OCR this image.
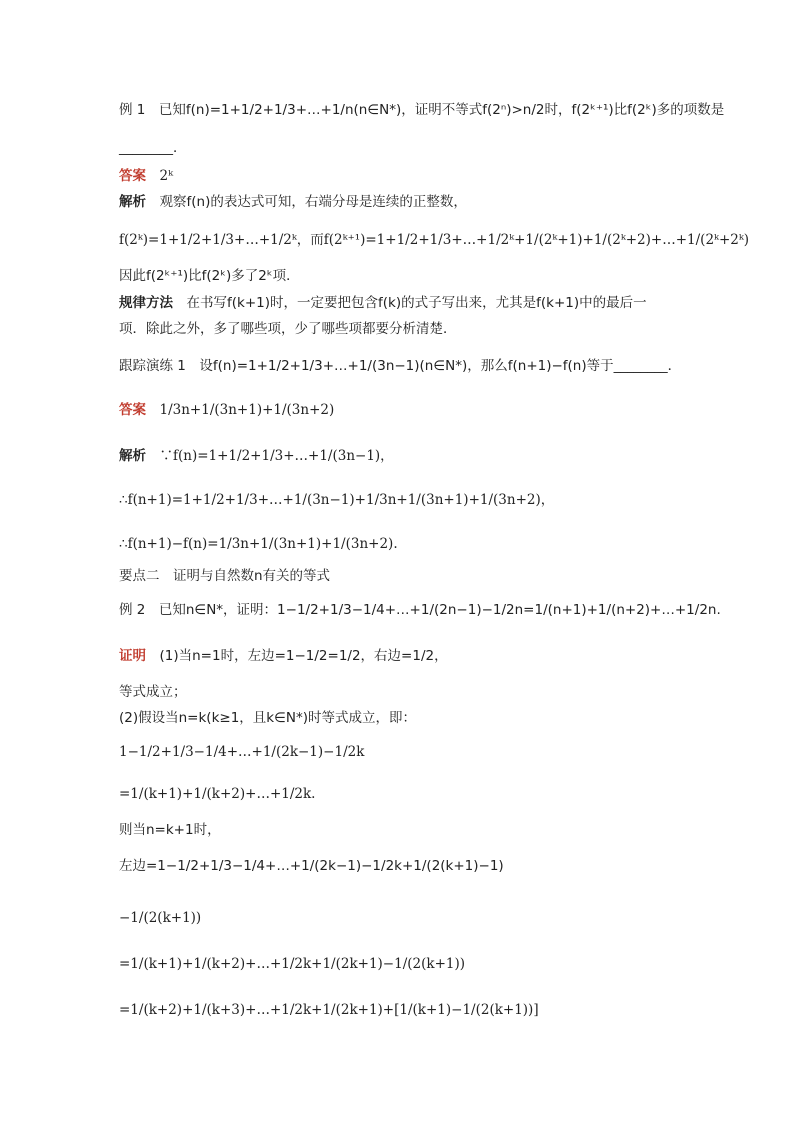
例 1　已知f(n)=1+1/2+1/3+…+1/n(n∈N*)，证明不等式f(2ⁿ)>n/2时，f(2ᵏ⁺¹)比f(2ᵏ)多的项数是
________．
答案　2ᵏ
解析　观察f(n)的表达式可知，右端分母是连续的正整数，
f(2ᵏ)=1+1/2+1/3+…+1/2ᵏ，而f(2ᵏ⁺¹)=1+1/2+1/3+…+1/2ᵏ+1/(2ᵏ+1)+1/(2ᵏ+2)+…+1/(2ᵏ+2ᵏ)
因此f(2ᵏ⁺¹)比f(2ᵏ)多了2ᵏ项．
规律方法　在书写f(k+1)时，一定要把包含f(k)的式子写出来，尤其是f(k+1)中的最后一
项．除此之外，多了哪些项，少了哪些项都要分析清楚．
跟踪演练 1　设f(n)=1+1/2+1/3+…+1/(3n−1)(n∈N*)，那么f(n+1)−f(n)等于________．
答案　1/3n+1/(3n+1)+1/(3n+2)
解析　∵f(n)=1+1/2+1/3+…+1/(3n−1)，
∴f(n+1)=1+1/2+1/3+…+1/(3n−1)+1/3n+1/(3n+1)+1/(3n+2)，
∴f(n+1)−f(n)=1/3n+1/(3n+1)+1/(3n+2).
要点二　证明与自然数n有关的等式
例 2　已知n∈N*，证明：1−1/2+1/3−1/4+…+1/(2n−1)−1/2n=1/(n+1)+1/(n+2)+…+1/2n.
证明　(1)当n=1时，左边=1−1/2=1/2，右边=1/2，
等式成立；
(2)假设当n=k(k≥1，且k∈N*)时等式成立，即：
1−1/2+1/3−1/4+…+1/(2k−1)−1/2k
=1/(k+1)+1/(k+2)+…+1/2k.
则当n=k+1时，
左边=1−1/2+1/3−1/4+…+1/(2k−1)−1/2k+1/(2(k+1)−1)
−1/(2(k+1))
=1/(k+1)+1/(k+2)+…+1/2k+1/(2k+1)−1/(2(k+1))
=1/(k+2)+1/(k+3)+…+1/2k+1/(2k+1)+[1/(k+1)−1/(2(k+1))]
